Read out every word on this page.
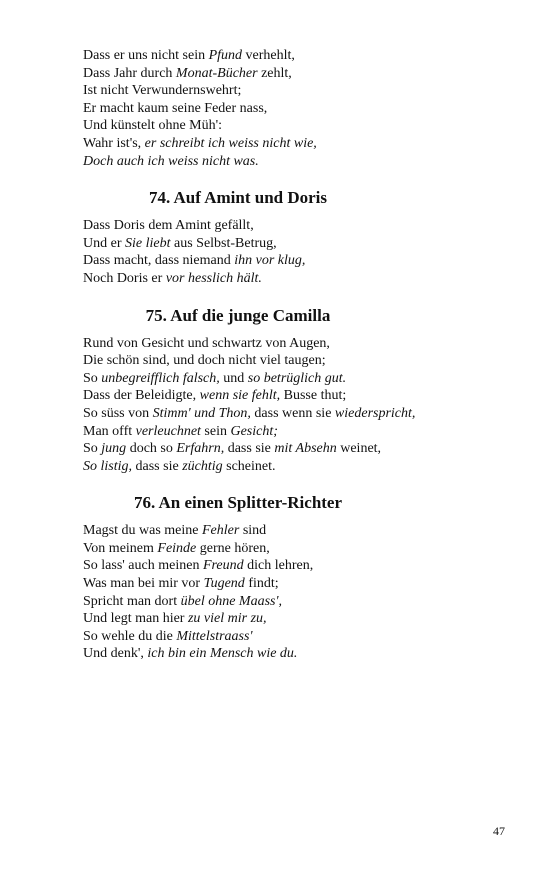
Dass er uns nicht sein Pfund verhehlt,
Dass Jahr durch Monat-Bücher zehlt,
Ist nicht Verwundernswehrt;
Er macht kaum seine Feder nass,
Und künstelt ohne Müh':
Wahr ist's, er schreibt ich weiss nicht wie,
Doch auch ich weiss nicht was.
74. Auf Amint und Doris
Dass Doris dem Amint gefällt,
Und er Sie liebt aus Selbst-Betrug,
Dass macht, dass niemand ihn vor klug,
Noch Doris er vor hesslich hält.
75. Auf die junge Camilla
Rund von Gesicht und schwartz von Augen,
Die schön sind, und doch nicht viel taugen;
So unbegreifflich falsch, und so betrüglich gut.
Dass der Beleidigte, wenn sie fehlt, Busse thut;
So süss von Stimm' und Thon, dass wenn sie wiederspricht,
Man offt verleuchnet sein Gesicht;
So jung doch so Erfahrn, dass sie mit Absehn weinet,
So listig, dass sie züchtig scheinet.
76. An einen Splitter-Richter
Magst du was meine Fehler sind
Von meinem Feinde gerne hören,
So lass' auch meinen Freund dich lehren,
Was man bei mir vor Tugend findt;
Spricht man dort übel ohne Maass',
Und legt man hier zu viel mir zu,
So wehle du die Mittelstraass'
Und denk', ich bin ein Mensch wie du.
47
